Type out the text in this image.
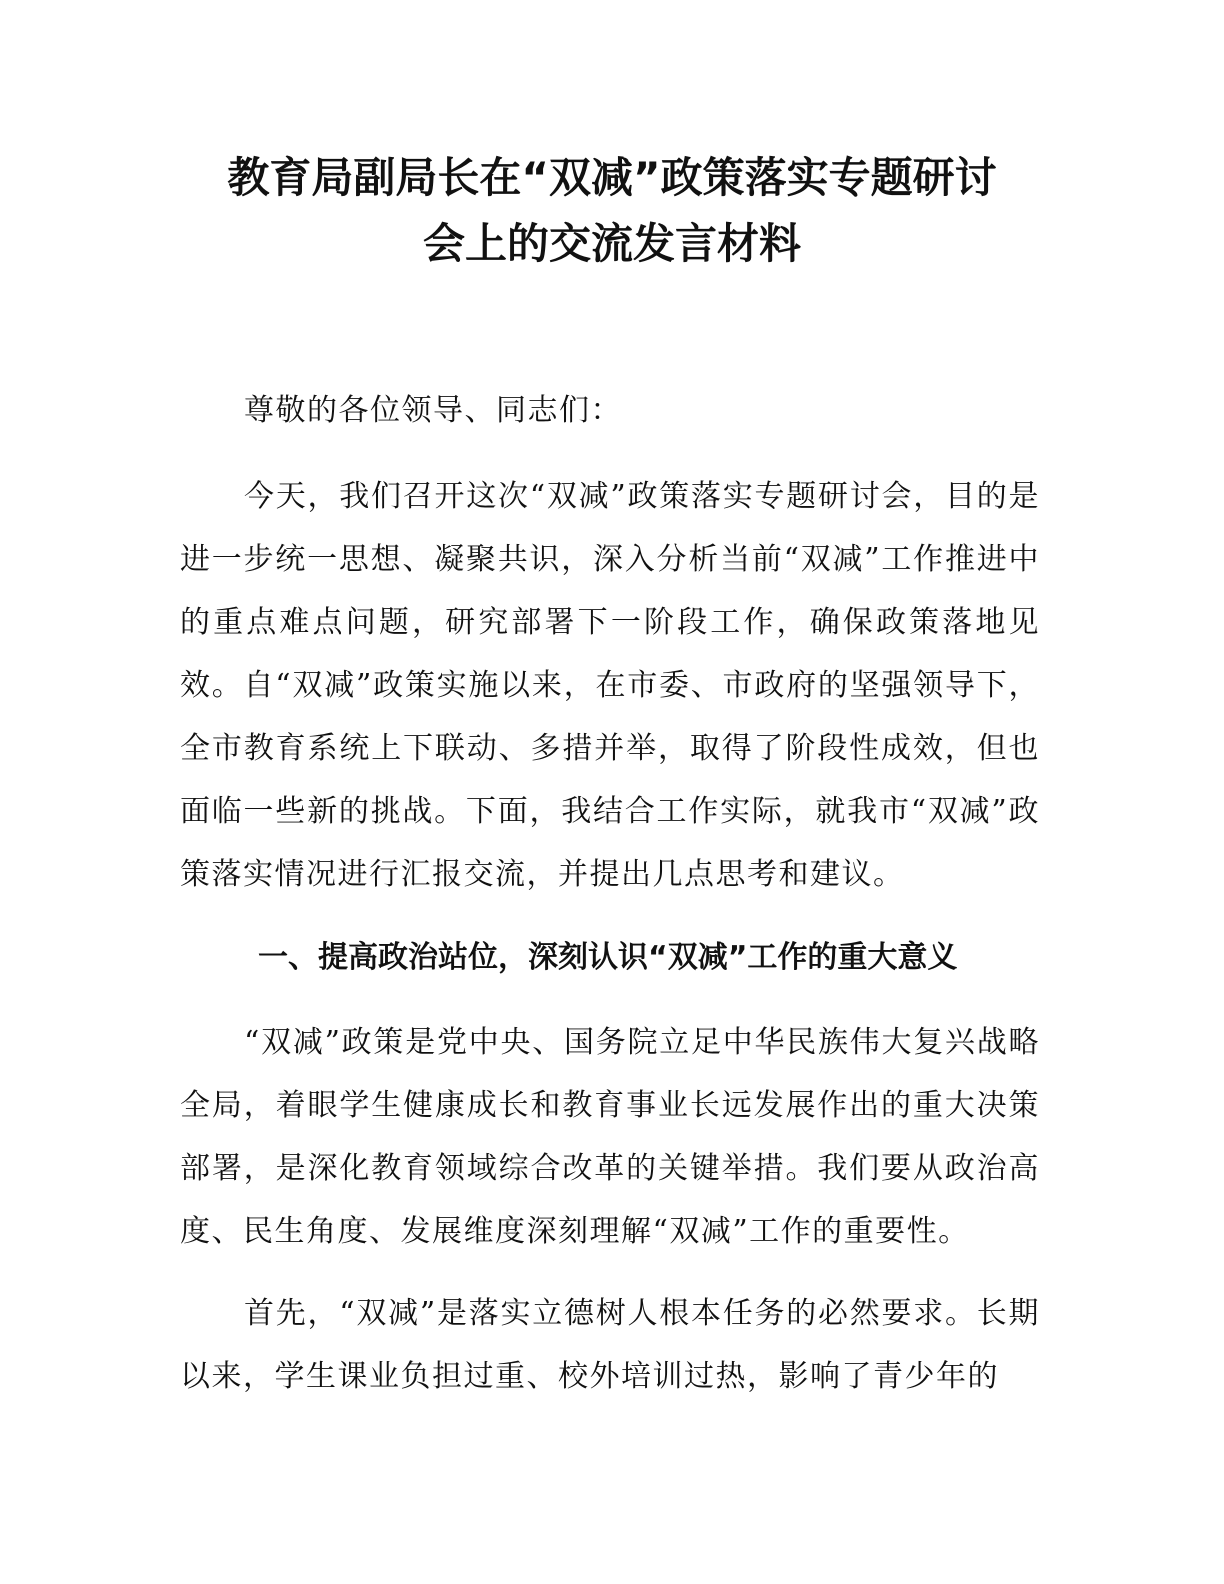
教育局副局长在“双减”政策落实专题研讨
会上的交流发言材料

尊敬的各位领导、同志们：

今天，我们召开这次“双减”政策落实专题研讨会，目的是进一步统一思想、凝聚共识，深入分析当前“双减”工作推进中的重点难点问题，研究部署下一阶段工作，确保政策落地见效。自“双减”政策实施以来，在市委、市政府的坚强领导下，全市教育系统上下联动、多措并举，取得了阶段性成效，但也面临一些新的挑战。下面，我结合工作实际，就我市“双减”政策落实情况进行汇报交流，并提出几点思考和建议。

一、提高政治站位，深刻认识“双减”工作的重大意义

“双减”政策是党中央、国务院立足中华民族伟大复兴战略全局，着眼学生健康成长和教育事业长远发展作出的重大决策部署，是深化教育领域综合改革的关键举措。我们要从政治高度、民生角度、发展维度深刻理解“双减”工作的重要性。

首先，“双减”是落实立德树人根本任务的必然要求。长期以来，学生课业负担过重、校外培训过热，影响了青少年的
